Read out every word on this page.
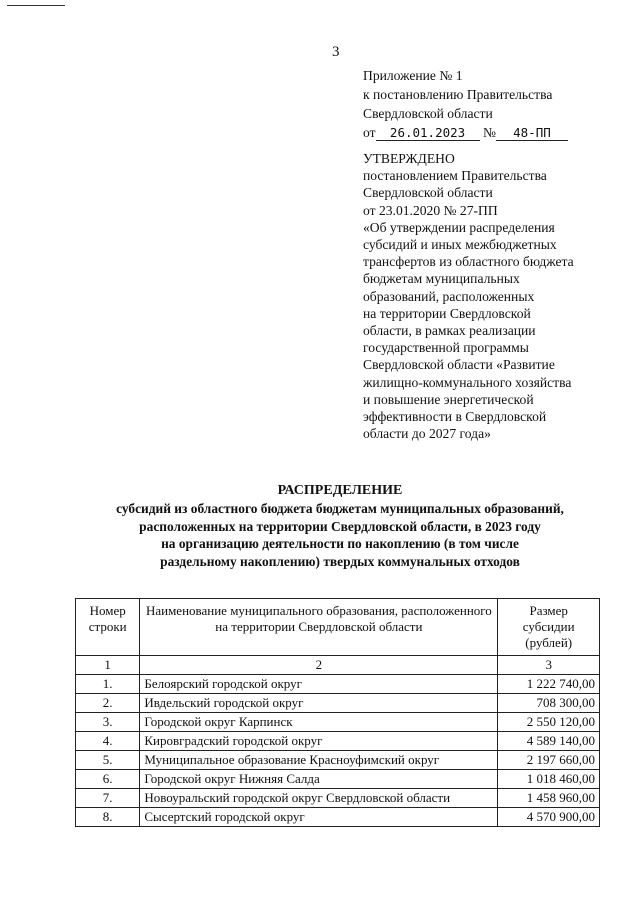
3
Приложение № 1
к постановлению Правительства
Свердловской области
от 26.01.2023 № 48-ПП
УТВЕРЖДЕНО
постановлением Правительства
Свердловской области
от 23.01.2020 № 27-ПП
«Об утверждении распределения
субсидий и иных межбюджетных
трансфертов из областного бюджета
бюджетам муниципальных
образований, расположенных
на территории Свердловской
области, в рамках реализации
государственной программы
Свердловской области «Развитие
жилищно-коммунального хозяйства
и повышение энергетической
эффективности в Свердловской
области до 2027 года»
РАСПРЕДЕЛЕНИЕ
субсидий из областного бюджета бюджетам муниципальных образований,
расположенных на территории Свердловской области, в 2023 году
на организацию деятельности по накоплению (в том числе
раздельному накоплению) твердых коммунальных отходов
Номер строки	Наименование муниципального образования, расположенного на территории Свердловской области	Размер субсидии (рублей)
1	2	3
1.	Белоярский городской округ	1 222 740,00
2.	Ивдельский городской округ	708 300,00
3.	Городской округ Карпинск	2 550 120,00
4.	Кировградский городской округ	4 589 140,00
5.	Муниципальное образование Красноуфимский округ	2 197 660,00
6.	Городской округ Нижняя Салда	1 018 460,00
7.	Новоуральский городской округ Свердловской области	1 458 960,00
8.	Сысертский городской округ	4 570 900,00
